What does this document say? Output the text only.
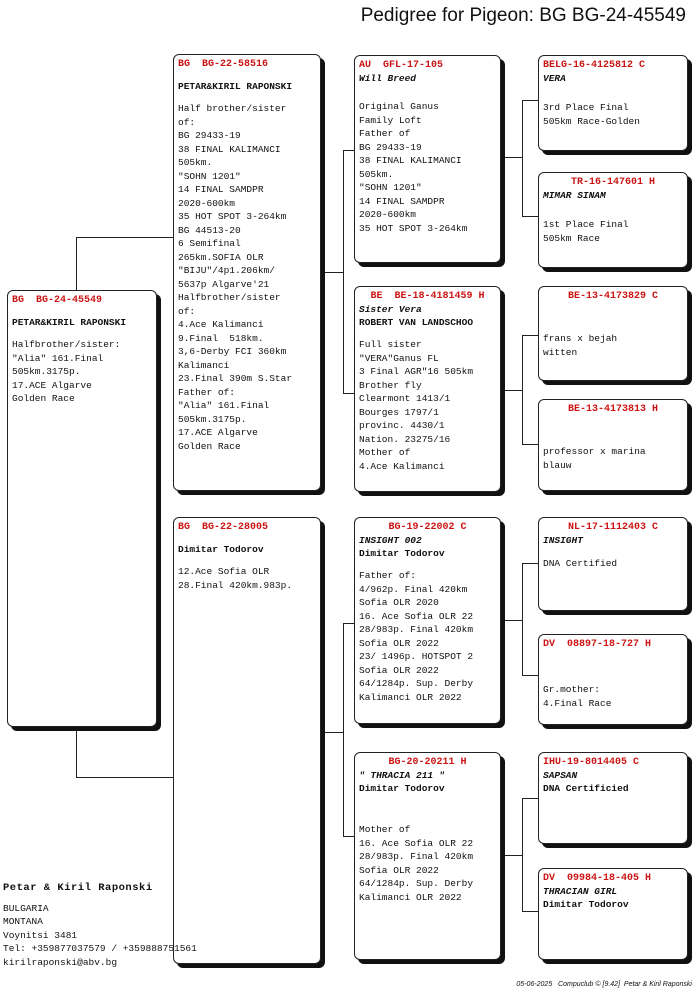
Pedigree for Pigeon: BG BG-24-45549
BG  BG-24-45549
PETAR&KIRIL RAPONSKI
Halfbrother/sister:
"Alia" 161.Final
505km.3175p.
17.ACE Algarve
Golden Race
BG  BG-22-58516
PETAR&KIRIL RAPONSKI
Half brother/sister
of:
BG 29433-19
38 FINAL KALIMANCI
505km.
"SOHN 1201"
14 FINAL SAMDPR
2020-600km
35 HOT SPOT 3-264km
BG 44513-20
6 Semifinal
265km.SOFIA OLR
"BIJU"/4p1.206km/
5637p Algarve'21
Halfbrother/sister
of:
4.Ace Kalimanci
9.Final  518km.
3,6-Derby FCI 360km
Kalimanci
23.Final 390m S.Star
Father of:
"Alia" 161.Final
505km.3175p.
17.ACE Algarve
Golden Race
BG  BG-22-28005
Dimitar Todorov
12.Ace Sofia OLR
28.Final 420km.983p.
AU  GFL-17-105
Will Breed
Original Ganus
Family Loft
Father of
BG 29433-19
38 FINAL KALIMANCI
505km.
"SOHN 1201"
14 FINAL SAMDPR
2020-600km
35 HOT SPOT 3-264km
BE  BE-18-4181459 H
Sister Vera
ROBERT VAN LANDSCHOO
Full sister
"VERA"Ganus FL
3 Final AGR"16 505km
Brother fly
Clearmont 1413/1
Bourges 1797/1
provinc. 4430/1
Nation. 23275/16
Mother of
4.Ace Kalimanci
BG-19-22002 C
INSIGHT 002
Dimitar Todorov
Father of:
4/962p. Final 420km
Sofia OLR 2020
16. Ace Sofia OLR 22
28/983p. Final 420km
Sofia OLR 2022
23/ 1496p. HOTSPOT 2
Sofia OLR 2022
64/1284p. Sup. Derby
Kalimanci OLR 2022
BG-20-20211 H
" THRACIA 211 "
Dimitar Todorov
Mother of
16. Ace Sofia OLR 22
28/983p. Final 420km
Sofia OLR 2022
64/1284p. Sup. Derby
Kalimanci OLR 2022
BELG-16-4125812 C
VERA
3rd Place Final
505km Race-Golden
TR-16-147601 H
MIMAR SINAM
1st Place Final
505km Race
BE-13-4173829 C
frans x bejah
witten
BE-13-4173813 H
professor x marina
blauw
NL-17-1112403 C
INSIGHT
DNA Certified
DV  08897-18-727 H
Gr.mother:
4.Final Race
IHU-19-8014405 C
SAPSAN
DNA Certificied
DV  09984-18-405 H
THRACIAN GIRL
Dimitar Todorov
Petar & Kiril Raponski
BULGARIA
MONTANA
Voynitsi 3481
Tel: +359877037579 / +359888751561
kirilraponski@abv.bg
05-06-2025   Compuclub © [9.42]  Petar & Kiril Raponski
